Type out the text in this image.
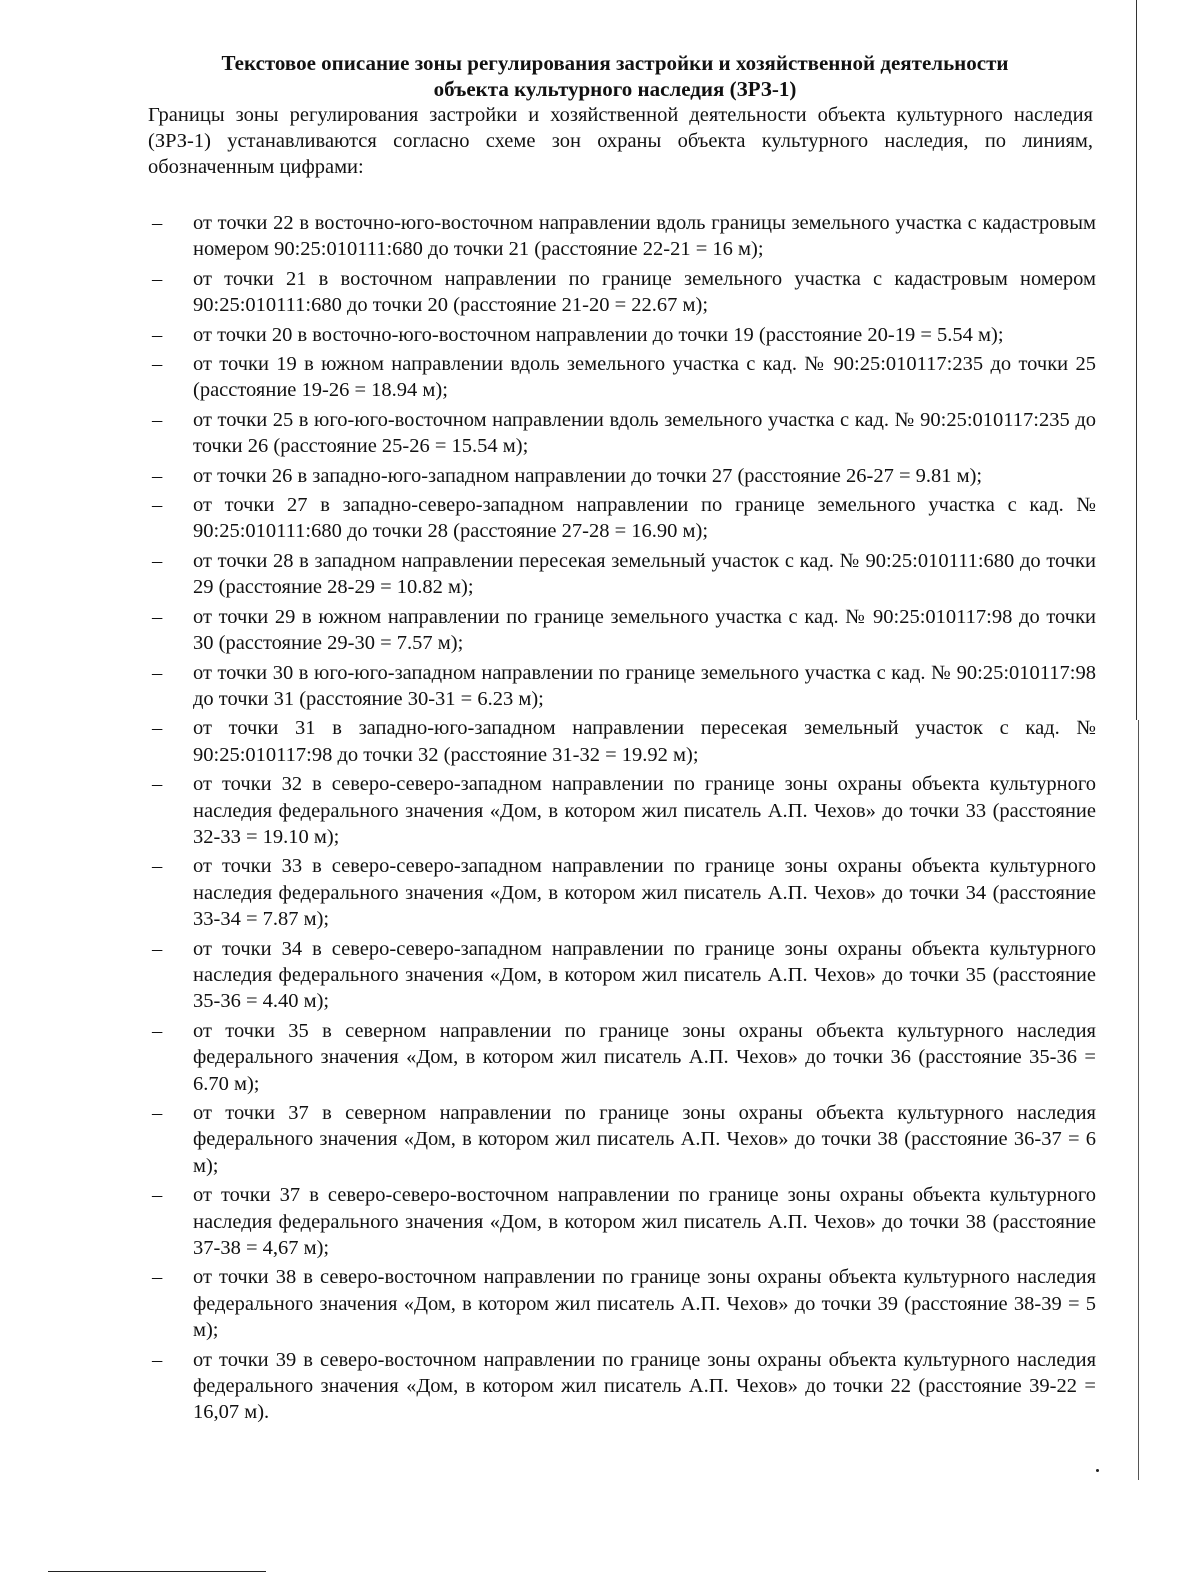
Текстовое описание зоны регулирования застройки и хозяйственной деятельности
объекта культурного наследия (ЗРЗ-1)
Границы зоны регулирования застройки и хозяйственной деятельности объекта культурного наследия (ЗРЗ-1) устанавливаются согласно схеме зон охраны объекта культурного наследия, по линиям, обозначенным цифрами:
– от точки 22 в восточно-юго-восточном направлении вдоль границы земельного участка с кадастровым номером 90:25:010111:680 до точки 21 (расстояние 22-21 = 16 м);
– от точки 21 в восточном направлении по границе земельного участка с кадастровым номером 90:25:010111:680 до точки 20 (расстояние 21-20 = 22.67 м);
– от точки 20 в восточно-юго-восточном направлении до точки 19 (расстояние 20-19 = 5.54 м);
– от точки 19 в южном направлении вдоль земельного участка с кад. № 90:25:010117:235 до точки 25 (расстояние 19-26 = 18.94 м);
– от точки 25 в юго-юго-восточном направлении вдоль земельного участка с кад. № 90:25:010117:235 до точки 26 (расстояние 25-26 = 15.54 м);
– от точки 26 в западно-юго-западном направлении до точки 27 (расстояние 26-27 = 9.81 м);
– от точки 27 в западно-северо-западном направлении по границе земельного участка с кад. № 90:25:010111:680 до точки 28 (расстояние 27-28 = 16.90 м);
– от точки 28 в западном направлении пересекая земельный участок с кад. № 90:25:010111:680 до точки 29 (расстояние 28-29 = 10.82 м);
– от точки 29 в южном направлении по границе земельного участка с кад. № 90:25:010117:98 до точки 30 (расстояние 29-30 = 7.57 м);
– от точки 30 в юго-юго-западном направлении по границе земельного участка с кад. № 90:25:010117:98 до точки 31 (расстояние 30-31 = 6.23 м);
– от точки 31 в западно-юго-западном направлении пересекая земельный участок с кад. № 90:25:010117:98 до точки 32 (расстояние 31-32 = 19.92 м);
– от точки 32 в северо-северо-западном направлении по границе зоны охраны объекта культурного наследия федерального значения «Дом, в котором жил писатель А.П. Чехов» до точки 33 (расстояние 32-33 = 19.10 м);
– от точки 33 в северо-северо-западном направлении по границе зоны охраны объекта культурного наследия федерального значения «Дом, в котором жил писатель А.П. Чехов» до точки 34 (расстояние 33-34 = 7.87 м);
– от точки 34 в северо-северо-западном направлении по границе зоны охраны объекта культурного наследия федерального значения «Дом, в котором жил писатель А.П. Чехов» до точки 35 (расстояние 35-36 = 4.40 м);
– от точки 35 в северном направлении по границе зоны охраны объекта культурного наследия федерального значения «Дом, в котором жил писатель А.П. Чехов» до точки 36 (расстояние 35-36 = 6.70 м);
– от точки 37 в северном направлении по границе зоны охраны объекта культурного наследия федерального значения «Дом, в котором жил писатель А.П. Чехов» до точки 38 (расстояние 36-37 = 6 м);
– от точки 37 в северо-северо-восточном направлении по границе зоны охраны объекта культурного наследия федерального значения «Дом, в котором жил писатель А.П. Чехов» до точки 38 (расстояние 37-38 = 4,67 м);
– от точки 38 в северо-восточном направлении по границе зоны охраны объекта культурного наследия федерального значения «Дом, в котором жил писатель А.П. Чехов» до точки 39 (расстояние 38-39 = 5 м);
– от точки 39 в северо-восточном направлении по границе зоны охраны объекта культурного наследия федерального значения «Дом, в котором жил писатель А.П. Чехов» до точки 22 (расстояние 39-22 = 16,07 м).
